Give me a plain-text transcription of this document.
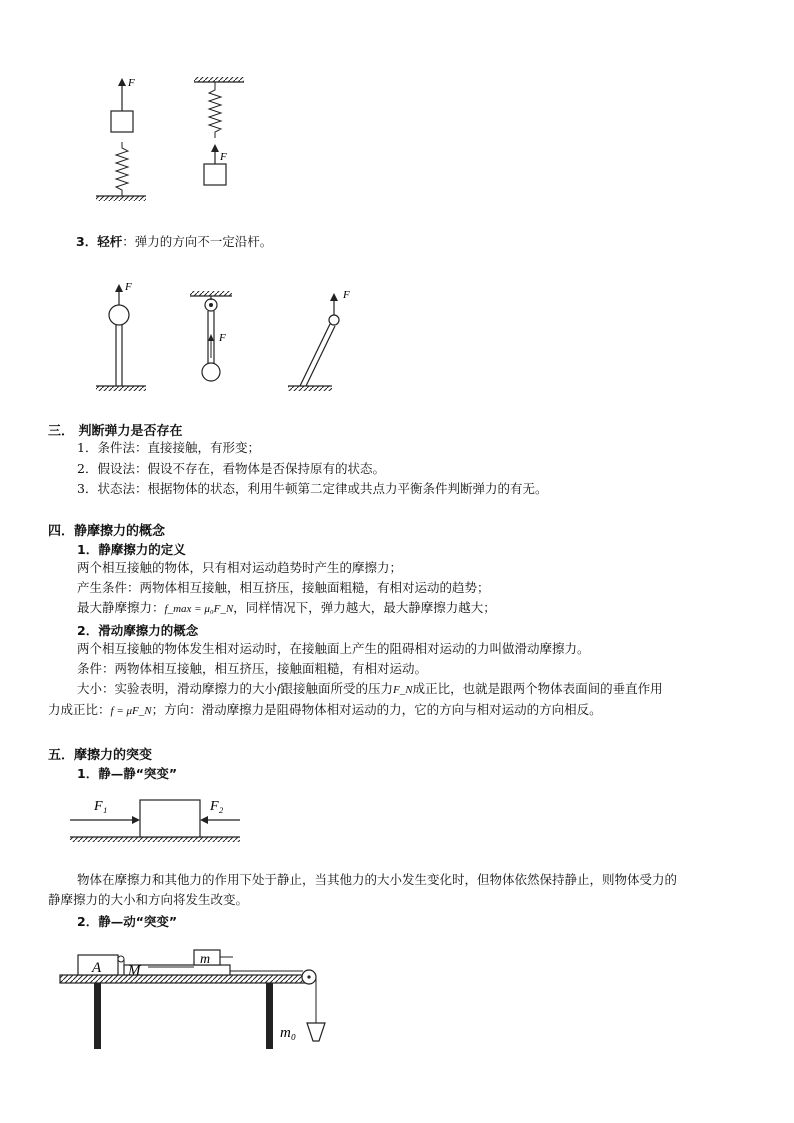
F
F
3．轻杆：弹力的方向不一定沿杆。
F
F
F
三． 判断弹力是否存在
1．条件法：直接接触，有形变；
2．假设法：假设不存在，看物体是否保持原有的状态。
3．状态法：根据物体的状态，利用牛顿第二定律或共点力平衡条件判断弹力的有无。
四．静摩擦力的概念
1．静摩擦力的定义
两个相互接触的物体，只有相对运动趋势时产生的摩擦力；
产生条件：两物体相互接触，相互挤压，接触面粗糙，有相对运动的趋势；
最大静摩擦力：f_max = μ₀F_N，同样情况下，弹力越大，最大静摩擦力越大；
2．滑动摩擦力的概念
两个相互接触的物体发生相对运动时，在接触面上产生的阻碍相对运动的力叫做滑动摩擦力。
条件：两物体相互接触，相互挤压，接触面粗糙，有相对运动。
大小：实验表明，滑动摩擦力的大小f跟接触面所受的压力F_N成正比，也就是跟两个物体表面间的垂直作用
力成正比：f = μF_N；方向：滑动摩擦力是阻碍物体相对运动的力，它的方向与相对运动的方向相反。
五．摩擦力的突变
1．静—静“突变”
F₁	F₂
物体在摩擦力和其他力的作用下处于静止，当其他力的大小发生变化时，但物体依然保持静止，则物体受力的
静摩擦力的大小和方向将发生改变。
2．静—动“突变”
A M
m
m₀
